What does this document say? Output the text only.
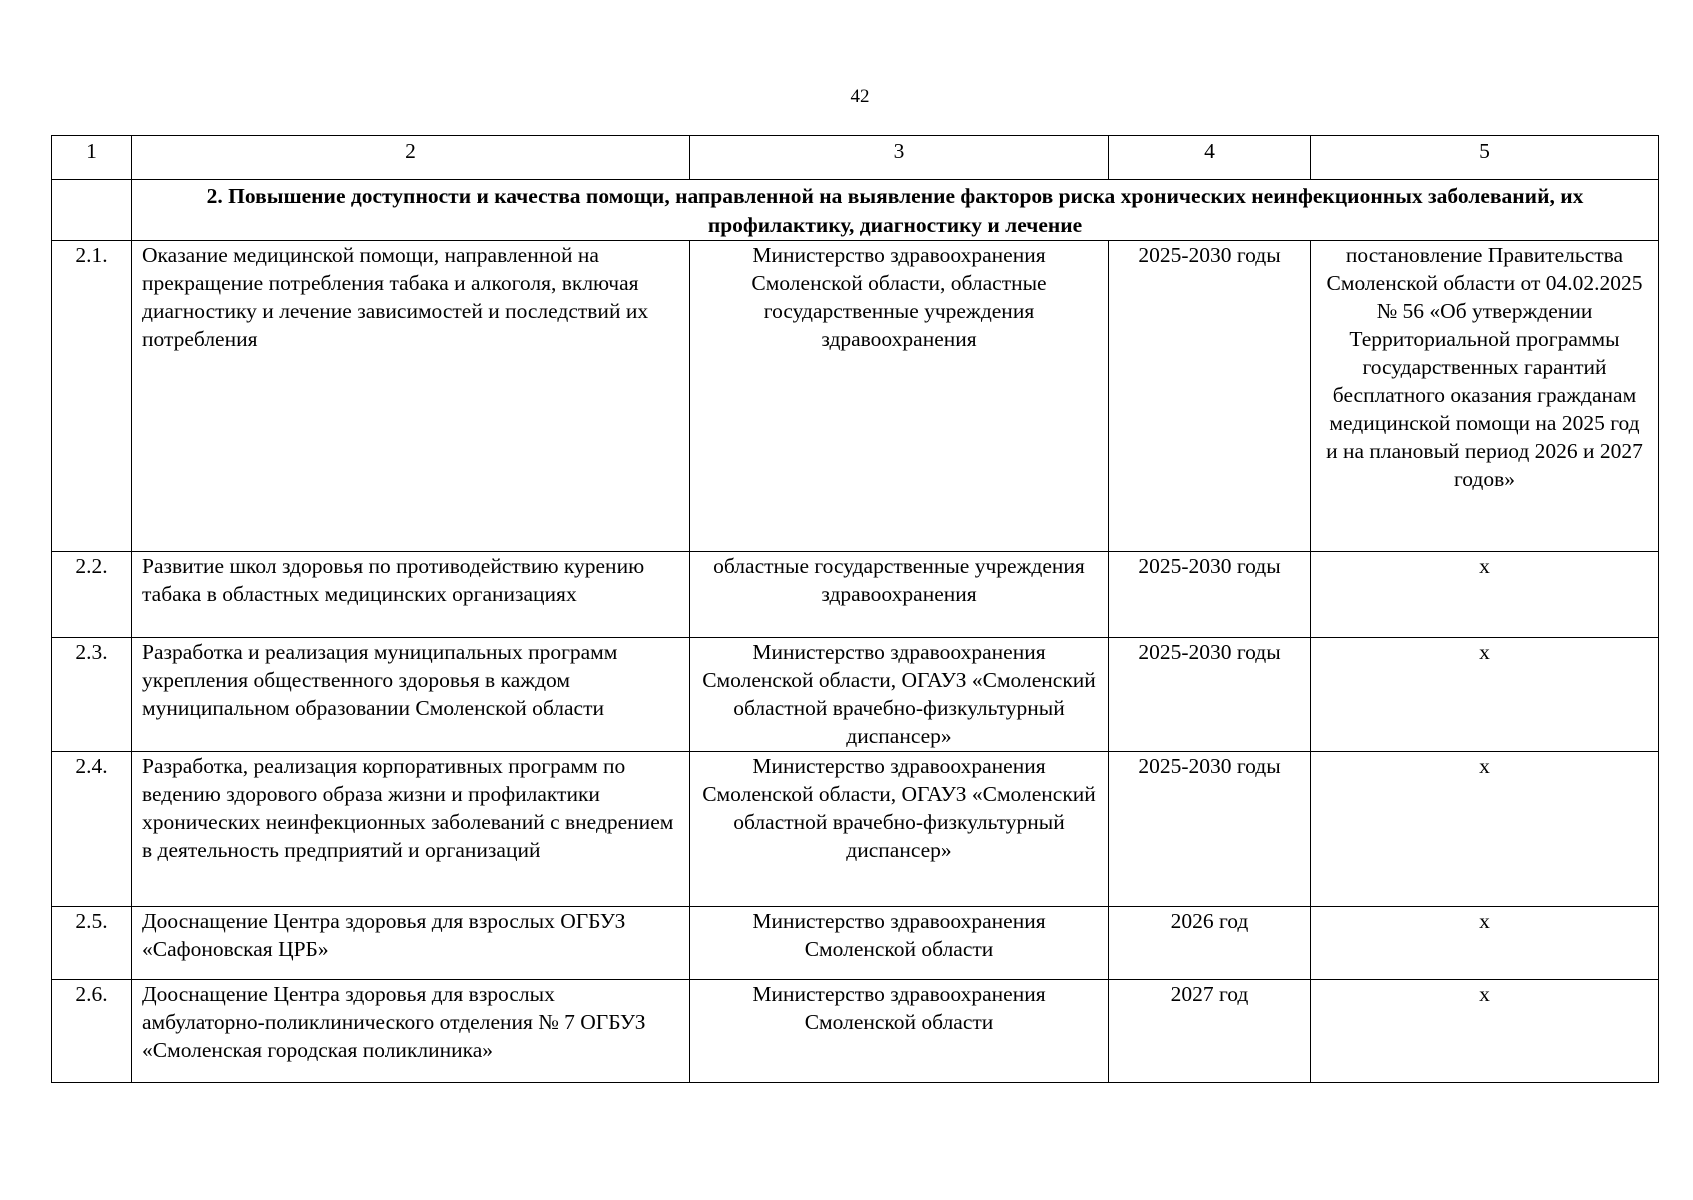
42
1	2	3	4	5
	2. Повышение доступности и качества помощи, направленной на выявление факторов риска хронических неинфекционных заболеваний, их профилактику, диагностику и лечение			
2.1.	Оказание медицинской помощи, направленной на прекращение потребления табака и алкоголя, включая диагностику и лечение зависимостей и последствий их потребления	Министерство здравоохранения Смоленской области, областные государственные учреждения здравоохранения	2025-2030 годы	постановление Правительства Смоленской области от 04.02.2025 № 56 «Об утверждении Территориальной программы государственных гарантий бесплатного оказания гражданам медицинской помощи на 2025 год и на плановый период 2026 и 2027 годов»
2.2.	Развитие школ здоровья по противодействию курению табака в областных медицинских организациях	областные государственные учреждения здравоохранения	2025-2030 годы	x
2.3.	Разработка и реализация муниципальных программ укрепления общественного здоровья в каждом муниципальном образовании Смоленской области	Министерство здравоохранения Смоленской области, ОГАУЗ «Смоленский областной врачебно-физкультурный диспансер»	2025-2030 годы	x
2.4.	Разработка, реализация корпоративных программ по ведению здорового образа жизни и профилактики хронических неинфекционных заболеваний с внедрением в деятельность предприятий и организаций	Министерство здравоохранения Смоленской области, ОГАУЗ «Смоленский областной врачебно-физкультурный диспансер»	2025-2030 годы	x
2.5.	Дооснащение Центра здоровья для взрослых ОГБУЗ «Сафоновская ЦРБ»	Министерство здравоохранения Смоленской области	2026 год	x
2.6.	Дооснащение Центра здоровья для взрослых амбулаторно-поликлинического отделения № 7 ОГБУЗ «Смоленская городская поликлиника»	Министерство здравоохранения Смоленской области	2027 год	x
